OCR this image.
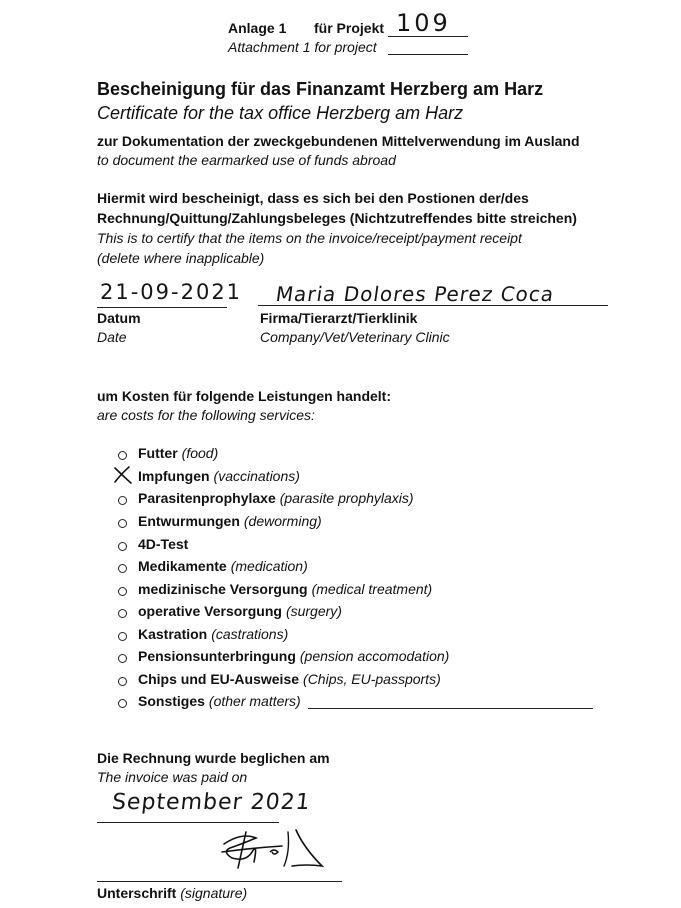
Anlage 1 für Projekt 109
Attachment 1 for project
Bescheinigung für das Finanzamt Herzberg am Harz
Certificate for the tax office Herzberg am Harz
zur Dokumentation der zweckgebundenen Mittelverwendung im Ausland
to document the earmarked use of funds abroad
Hiermit wird bescheinigt, dass es sich bei den Postionen der/des
Rechnung/Quittung/Zahlungsbeleges (Nichtzutreffendes bitte streichen)
This is to certify that the items on the invoice/receipt/payment receipt
(delete where inapplicable)
21-09-2021 Maria Dolores Perez Coca
Datum
Date
Firma/Tierarzt/Tierklinik
Company/Vet/Veterinary Clinic
um Kosten für folgende Leistungen handelt:
are costs for the following services:
Futter (food)
Impfungen (vaccinations)
Parasitenprophylaxe (parasite prophylaxis)
Entwurmungen (deworming)
4D-Test
Medikamente (medication)
medizinische Versorgung (medical treatment)
operative Versorgung (surgery)
Kastration (castrations)
Pensionsunterbringung (pension accomodation)
Chips und EU-Ausweise (Chips, EU-passports)
Sonstiges (other matters)
Die Rechnung wurde beglichen am
The invoice was paid on
September 2021
Unterschrift (signature)
